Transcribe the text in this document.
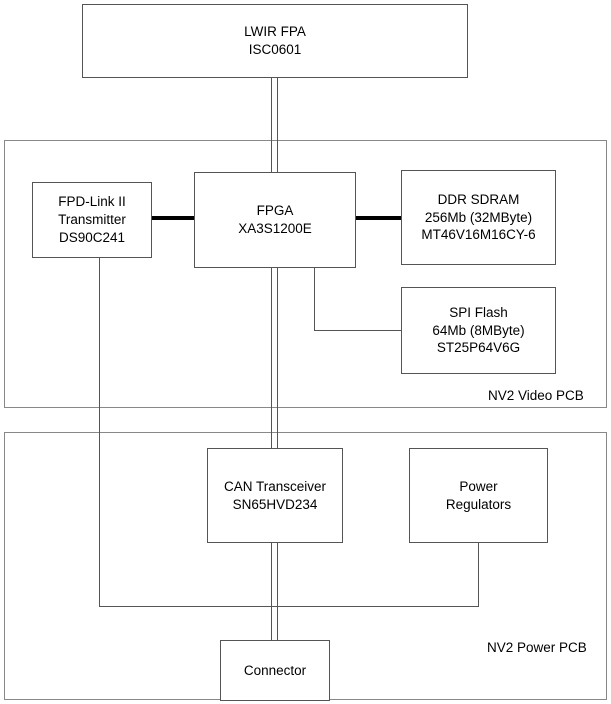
LWIR FPA
ISC0601
FPD-Link II
Transmitter
DS90C241
FPGA
XA3S1200E
DDR SDRAM
256Mb (32MByte)
MT46V16M16CY-6
SPI Flash
64Mb (8MByte)
ST25P64V6G
CAN Transceiver
SN65HVD234
Power
Regulators
Connector
NV2 Video PCB
NV2 Power PCB
